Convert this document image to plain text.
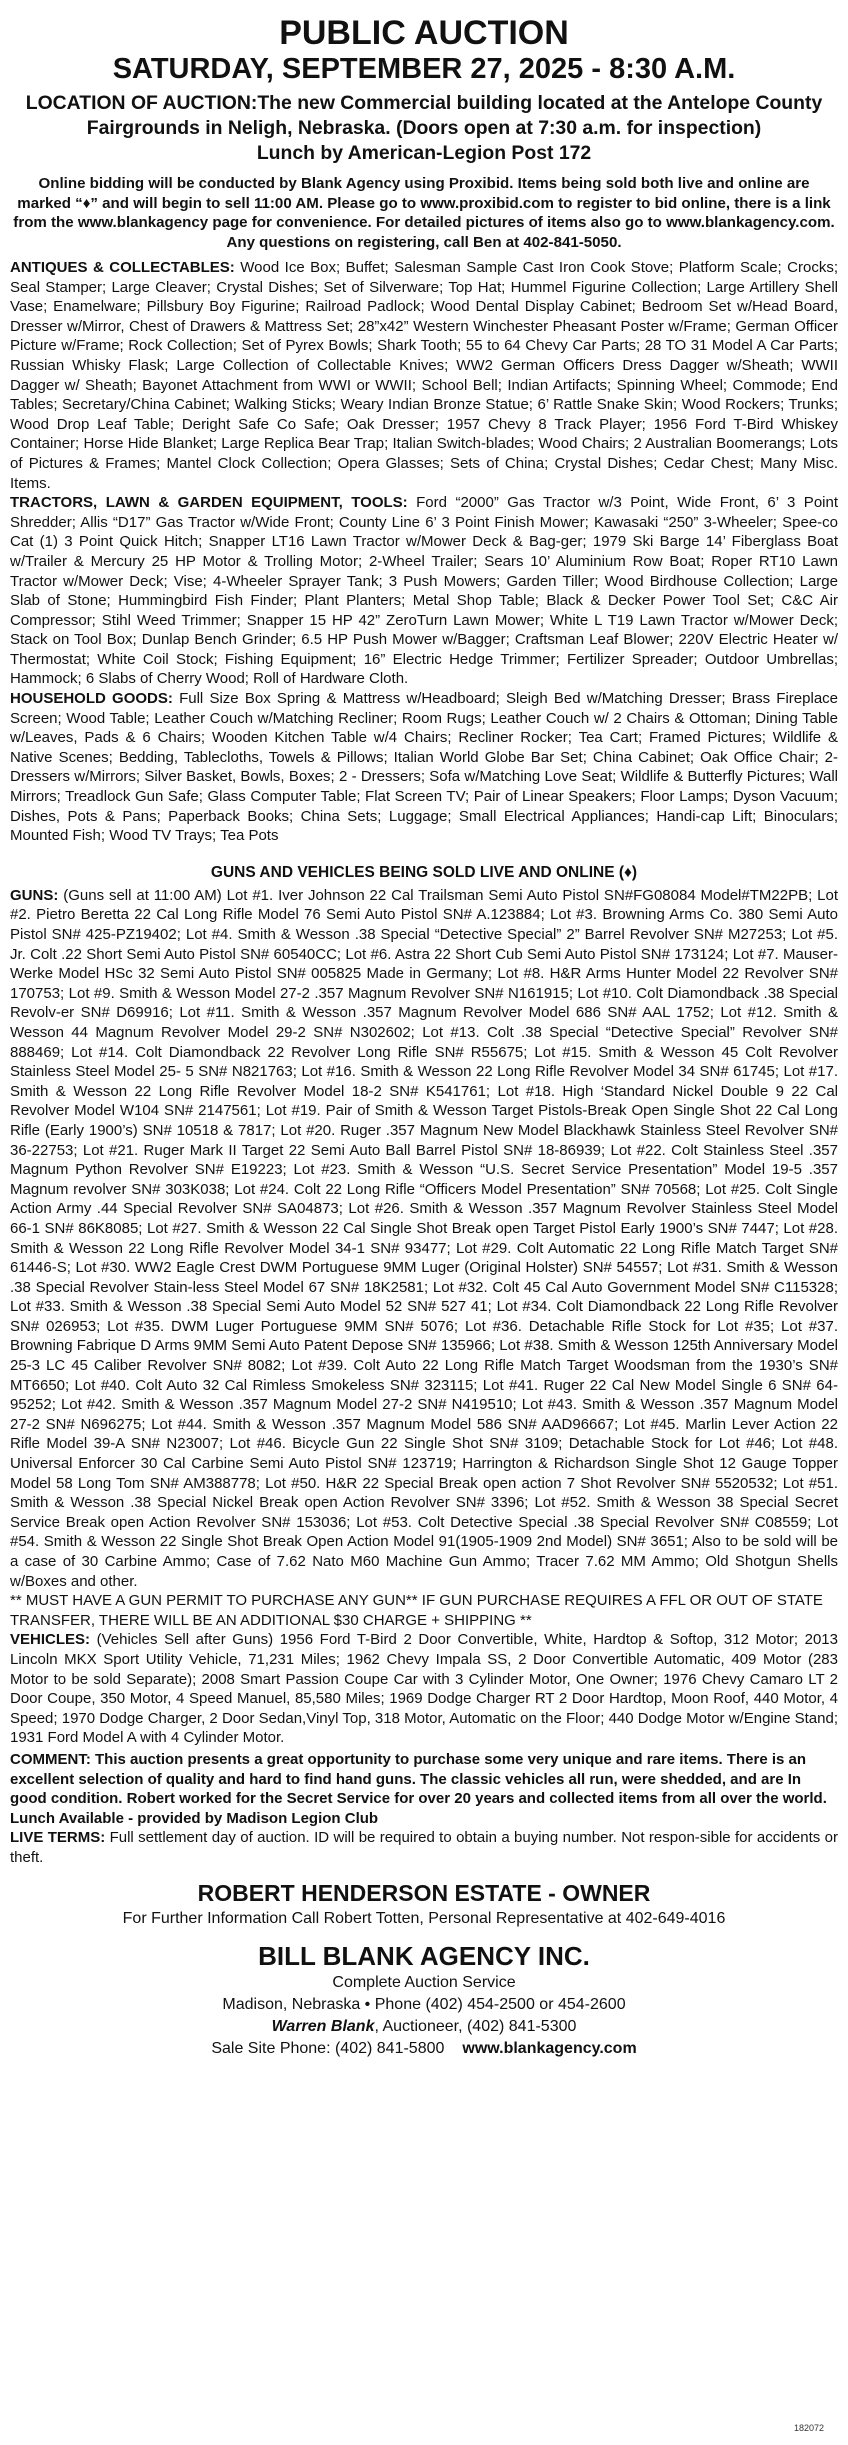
PUBLIC AUCTION
SATURDAY, SEPTEMBER 27, 2025 - 8:30 A.M.

LOCATION OF AUCTION:The new Commercial building located at the Antelope County Fairgrounds in Neligh, Nebraska. (Doors open at 7:30 a.m. for inspection)

Lunch by American-Legion Post 172

Online bidding will be conducted by Blank Agency using Proxibid. Items being sold both live and online are marked “♦” and will begin to sell 11:00 AM. Please go to www.proxibid.com to register to bid online, there is a link from the www.blankagency page for convenience. For detailed pictures of items also go to www.blankagency.com. Any questions on registering, call Ben at 402-841-5050.

ANTIQUES & COLLECTABLES: Wood Ice Box; Buffet; Salesman Sample Cast Iron Cook Stove; Platform Scale; Crocks; Seal Stamper; Large Cleaver; Crystal Dishes; Set of Silverware; Top Hat; Hummel Figurine Collection; Large Artillery Shell Vase; Enamelware; Pillsbury Boy Figurine; Railroad Padlock; Wood Dental Display Cabinet; Bedroom Set w/Head Board, Dresser w/Mirror, Chest of Drawers & Mattress Set; 28”x42” Western Winchester Pheasant Poster w/Frame; German Officer Picture w/Frame; Rock Collection; Set of Pyrex Bowls; Shark Tooth; 55 to 64 Chevy Car Parts; 28 TO 31 Model A Car Parts; Russian Whisky Flask; Large Collection of Collectable Knives; WW2 German Officers Dress Dagger w/Sheath; WWII Dagger w/ Sheath; Bayonet Attachment from WWI or WWII; School Bell; Indian Artifacts; Spinning Wheel; Commode; End Tables; Secretary/China Cabinet; Walking Sticks; Weary Indian Bronze Statue; 6’ Rattle Snake Skin; Wood Rockers; Trunks; Wood Drop Leaf Table; Deright Safe Co Safe; Oak Dresser; 1957 Chevy 8 Track Player; 1956 Ford T-Bird Whiskey Container; Horse Hide Blanket; Large Replica Bear Trap; Italian Switch-blades; Wood Chairs; 2 Australian Boomerangs; Lots of Pictures & Frames; Mantel Clock Collection; Opera Glasses; Sets of China; Crystal Dishes; Cedar Chest; Many Misc. Items.

TRACTORS, LAWN & GARDEN EQUIPMENT, TOOLS: Ford “2000” Gas Tractor w/3 Point, Wide Front, 6’ 3 Point Shredder; Allis “D17” Gas Tractor w/Wide Front; County Line 6’ 3 Point Finish Mower; Kawasaki “250” 3-Wheeler; Spee-co Cat (1) 3 Point Quick Hitch; Snapper LT16 Lawn Tractor w/Mower Deck & Bag-ger; 1979 Ski Barge 14’ Fiberglass Boat w/Trailer & Mercury 25 HP Motor & Trolling Motor; 2-Wheel Trailer; Sears 10’ Aluminium Row Boat; Roper RT10 Lawn Tractor w/Mower Deck; Vise; 4-Wheeler Sprayer Tank; 3 Push Mowers; Garden Tiller; Wood Birdhouse Collection; Large Slab of Stone; Hummingbird Fish Finder; Plant Planters; Metal Shop Table; Black & Decker Power Tool Set; C&C Air Compressor; Stihl Weed Trimmer; Snapper 15 HP 42” ZeroTurn Lawn Mower; White L T19 Lawn Tractor w/Mower Deck; Stack on Tool Box; Dunlap Bench Grinder; 6.5 HP Push Mower w/Bagger; Craftsman Leaf Blower; 220V Electric Heater w/ Thermostat; White Coil Stock; Fishing Equipment; 16” Electric Hedge Trimmer; Fertilizer Spreader; Outdoor Umbrellas; Hammock; 6 Slabs of Cherry Wood; Roll of Hardware Cloth.

HOUSEHOLD GOODS: Full Size Box Spring & Mattress w/Headboard; Sleigh Bed w/Matching Dresser; Brass Fireplace Screen; Wood Table; Leather Couch w/Matching Recliner; Room Rugs; Leather Couch w/ 2 Chairs & Ottoman; Dining Table w/Leaves, Pads & 6 Chairs; Wooden Kitchen Table w/4 Chairs; Recliner Rocker; Tea Cart; Framed Pictures; Wildlife & Native Scenes; Bedding, Tablecloths, Towels & Pillows; Italian World Globe Bar Set; China Cabinet; Oak Office Chair; 2-Dressers w/Mirrors; Silver Basket, Bowls, Boxes; 2 - Dressers; Sofa w/Matching Love Seat; Wildlife & Butterfly Pictures; Wall Mirrors; Treadlock Gun Safe; Glass Computer Table; Flat Screen TV; Pair of Linear Speakers; Floor Lamps; Dyson Vacuum; Dishes, Pots & Pans; Paperback Books; China Sets; Luggage; Small Electrical Appliances; Handi-cap Lift; Binoculars; Mounted Fish; Wood TV Trays; Tea Pots

GUNS AND VEHICLES BEING SOLD LIVE AND ONLINE (♦)

GUNS: (Guns sell at 11:00 AM) Lot #1. Iver Johnson 22 Cal Trailsman Semi Auto Pistol SN#FG08084 Model#TM22PB; Lot #2. Pietro Beretta 22 Cal Long Rifle Model 76 Semi Auto Pistol SN# A.123884; Lot #3. Browning Arms Co. 380 Semi Auto Pistol SN# 425-PZ19402; Lot #4. Smith & Wesson .38 Special “Detective Special” 2” Barrel Revolver SN# M27253; Lot #5. Jr. Colt .22 Short Semi Auto Pistol SN# 60540CC; Lot #6. Astra 22 Short Cub Semi Auto Pistol SN# 173124; Lot #7. Mauser-Werke Model HSc 32 Semi Auto Pistol SN# 005825 Made in Germany; Lot #8. H&R Arms Hunter Model 22 Revolver SN# 170753; Lot #9. Smith & Wesson Model 27-2 .357 Magnum Revolver SN# N161915; Lot #10. Colt Diamondback .38 Special Revolv-er SN# D69916; Lot #11. Smith & Wesson .357 Magnum Revolver Model 686 SN# AAL 1752; Lot #12. Smith & Wesson 44 Magnum Revolver Model 29-2 SN# N302602; Lot #13. Colt .38 Special “Detective Special” Revolver SN# 888469; Lot #14. Colt Diamondback 22 Revolver Long Rifle SN# R55675; Lot #15. Smith & Wesson 45 Colt Revolver Stainless Steel Model 25- 5 SN# N821763; Lot #16. Smith & Wesson 22 Long Rifle Revolver Model 34 SN# 61745; Lot #17. Smith & Wesson 22 Long Rifle Revolver Model 18-2 SN# K541761; Lot #18. High ‘Standard Nickel Double 9 22 Cal Revolver Model W104 SN# 2147561; Lot #19. Pair of Smith & Wesson Target Pistols-Break Open Single Shot 22 Cal Long Rifle (Early 1900’s) SN# 10518 & 7817; Lot #20. Ruger .357 Magnum New Model Blackhawk Stainless Steel Revolver SN# 36-22753; Lot #21. Ruger Mark II Target 22 Semi Auto Ball Barrel Pistol SN# 18-86939; Lot #22. Colt Stainless Steel .357 Magnum Python Revolver SN# E19223; Lot #23. Smith & Wesson “U.S. Secret Service Presentation” Model 19-5 .357 Magnum revolver SN# 303K038; Lot #24. Colt 22 Long Rifle “Officers Model Presentation” SN# 70568; Lot #25. Colt Single Action Army .44 Special Revolver SN# SA04873; Lot #26. Smith & Wesson .357 Magnum Revolver Stainless Steel Model 66-1 SN# 86K8085; Lot #27. Smith & Wesson 22 Cal Single Shot Break open Target Pistol Early 1900’s SN# 7447; Lot #28. Smith & Wesson 22 Long Rifle Revolver Model 34-1 SN# 93477; Lot #29. Colt Automatic 22 Long Rifle Match Target SN# 61446-S; Lot #30. WW2 Eagle Crest DWM Portuguese 9MM Luger (Original Holster) SN# 54557; Lot #31. Smith & Wesson .38 Special Revolver Stain-less Steel Model 67 SN# 18K2581; Lot #32. Colt 45 Cal Auto Government Model SN# C115328; Lot #33. Smith & Wesson .38 Special Semi Auto Model 52 SN# 527 41; Lot #34. Colt Diamondback 22 Long Rifle Revolver SN# 026953; Lot #35. DWM Luger Portuguese 9MM SN# 5076; Lot #36. Detachable Rifle Stock for Lot #35; Lot #37. Browning Fabrique D Arms 9MM Semi Auto Patent Depose SN# 135966; Lot #38. Smith & Wesson 125th Anniversary Model 25-3 LC 45 Caliber Revolver SN# 8082; Lot #39. Colt Auto 22 Long Rifle Match Target Woodsman from the 1930’s SN# MT6650; Lot #40. Colt Auto 32 Cal Rimless Smokeless SN# 323115; Lot #41. Ruger 22 Cal New Model Single 6 SN# 64-95252; Lot #42. Smith & Wesson .357 Magnum Model 27-2 SN# N419510; Lot #43. Smith & Wesson .357 Magnum Model 27-2 SN# N696275; Lot #44. Smith & Wesson .357 Magnum Model 586 SN# AAD96667; Lot #45. Marlin Lever Action 22 Rifle Model 39-A SN# N23007; Lot #46. Bicycle Gun 22 Single Shot SN# 3109; Detachable Stock for Lot #46; Lot #48. Universal Enforcer 30 Cal Carbine Semi Auto Pistol SN# 123719; Harrington & Richardson Single Shot 12 Gauge Topper Model 58 Long Tom SN# AM388778; Lot #50. H&R 22 Special Break open action 7 Shot Revolver SN# 5520532; Lot #51. Smith & Wesson .38 Special Nickel Break open Action Revolver SN# 3396; Lot #52. Smith & Wesson 38 Special Secret Service Break open Action Revolver SN# 153036; Lot #53. Colt Detective Special .38 Special Revolver SN# C08559; Lot #54. Smith & Wesson 22 Single Shot Break Open Action Model 91(1905-1909 2nd Model) SN# 3651; Also to be sold will be a case of 30 Carbine Ammo; Case of 7.62 Nato M60 Machine Gun Ammo; Tracer 7.62 MM Ammo; Old Shotgun Shells w/Boxes and other.

** MUST HAVE A GUN PERMIT TO PURCHASE ANY GUN** IF GUN PURCHASE REQUIRES A FFL OR OUT OF STATE TRANSFER, THERE WILL BE AN ADDITIONAL $30 CHARGE + SHIPPING **

VEHICLES: (Vehicles Sell after Guns) 1956 Ford T-Bird 2 Door Convertible, White, Hardtop & Softop, 312 Motor; 2013 Lincoln MKX Sport Utility Vehicle, 71,231 Miles; 1962 Chevy Impala SS, 2 Door Convertible Automatic, 409 Motor (283 Motor to be sold Separate); 2008 Smart Passion Coupe Car with 3 Cylinder Motor, One Owner; 1976 Chevy Camaro LT 2 Door Coupe, 350 Motor, 4 Speed Manuel, 85,580 Miles; 1969 Dodge Charger RT 2 Door Hardtop, Moon Roof, 440 Motor, 4 Speed; 1970 Dodge Charger, 2 Door Sedan,Vinyl Top, 318 Motor, Automatic on the Floor; 440 Dodge Motor w/Engine Stand; 1931 Ford Model A with 4 Cylinder Motor.

COMMENT: This auction presents a great opportunity to purchase some very unique and rare items. There is an excellent selection of quality and hard to find hand guns. The classic vehicles all run, were shedded, and are In good condition. Robert worked for the Secret Service for over 20 years and collected items from all over the world. Lunch Available - provided by Madison Legion Club

LIVE TERMS: Full settlement day of auction. ID will be required to obtain a buying number. Not respon-sible for accidents or theft.

ROBERT HENDERSON ESTATE - OWNER

For Further Information Call Robert Totten, Personal Representative at 402-649-4016

BILL BLANK AGENCY INC.

Complete Auction Service

Madison, Nebraska • Phone (402) 454-2500 or 454-2600

Warren Blank, Auctioneer, (402) 841-5300

Sale Site Phone: (402) 841-5800 www.blankagency.com

182072
